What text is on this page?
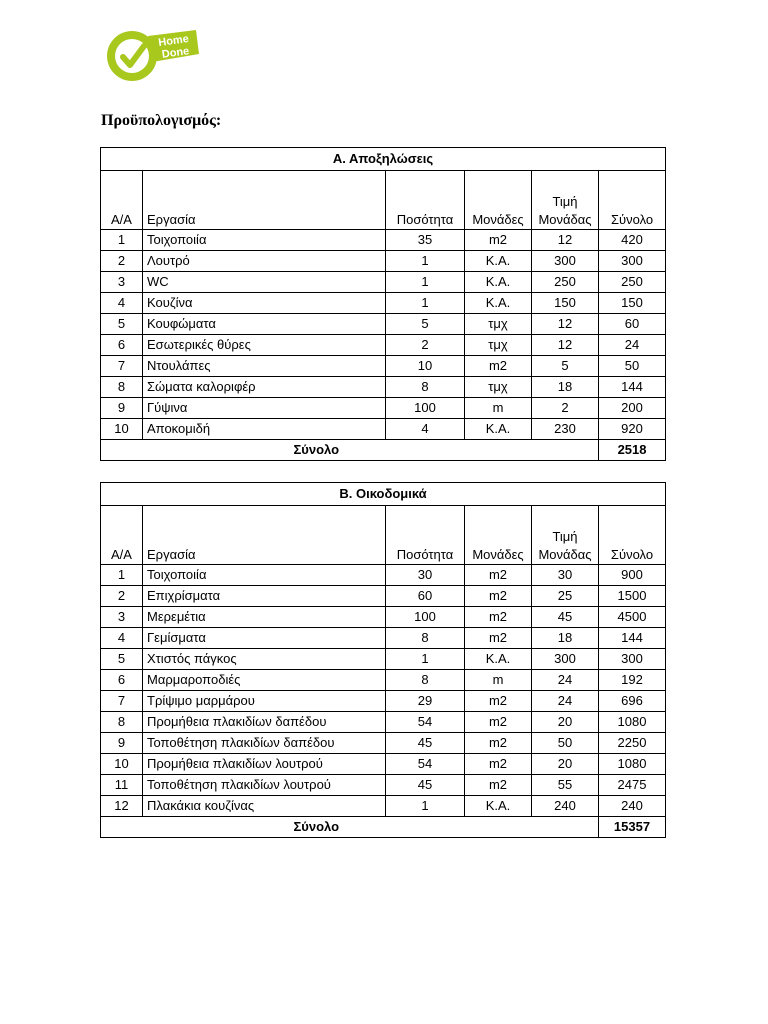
Home
Done
Προϋπολογισμός:
Α. Αποξηλώσεις					
Α/Α	Εργασία	Ποσότητα	Μονάδες	Τιμή Μονάδας	Σύνολο
1	Τοιχοποιία	35	m2	12	420
2	Λουτρό	1	Κ.Α.	300	300
3	WC	1	Κ.Α.	250	250
4	Κουζίνα	1	Κ.Α.	150	150
5	Κουφώματα	5	τμχ	12	60
6	Εσωτερικές θύρες	2	τμχ	12	24
7	Ντουλάπες	10	m2	5	50
8	Σώματα καλοριφέρ	8	τμχ	18	144
9	Γύψινα	100	m	2	200
10	Αποκομιδή	4	Κ.Α.	230	920
Σύνολο					2518
Β. Οικοδομικά					
Α/Α	Εργασία	Ποσότητα	Μονάδες	Τιμή Μονάδας	Σύνολο
1	Τοιχοποιία	30	m2	30	900
2	Επιχρίσματα	60	m2	25	1500
3	Μερεμέτια	100	m2	45	4500
4	Γεμίσματα	8	m2	18	144
5	Χτιστός πάγκος	1	Κ.Α.	300	300
6	Μαρμαροποδιές	8	m	24	192
7	Τρίψιμο μαρμάρου	29	m2	24	696
8	Προμήθεια πλακιδίων δαπέδου	54	m2	20	1080
9	Τοποθέτηση πλακιδίων δαπέδου	45	m2	50	2250
10	Προμήθεια πλακιδίων λουτρού	54	m2	20	1080
11	Τοποθέτηση πλακιδίων λουτρού	45	m2	55	2475
12	Πλακάκια κουζίνας	1	Κ.Α.	240	240
Σύνολο					15357
